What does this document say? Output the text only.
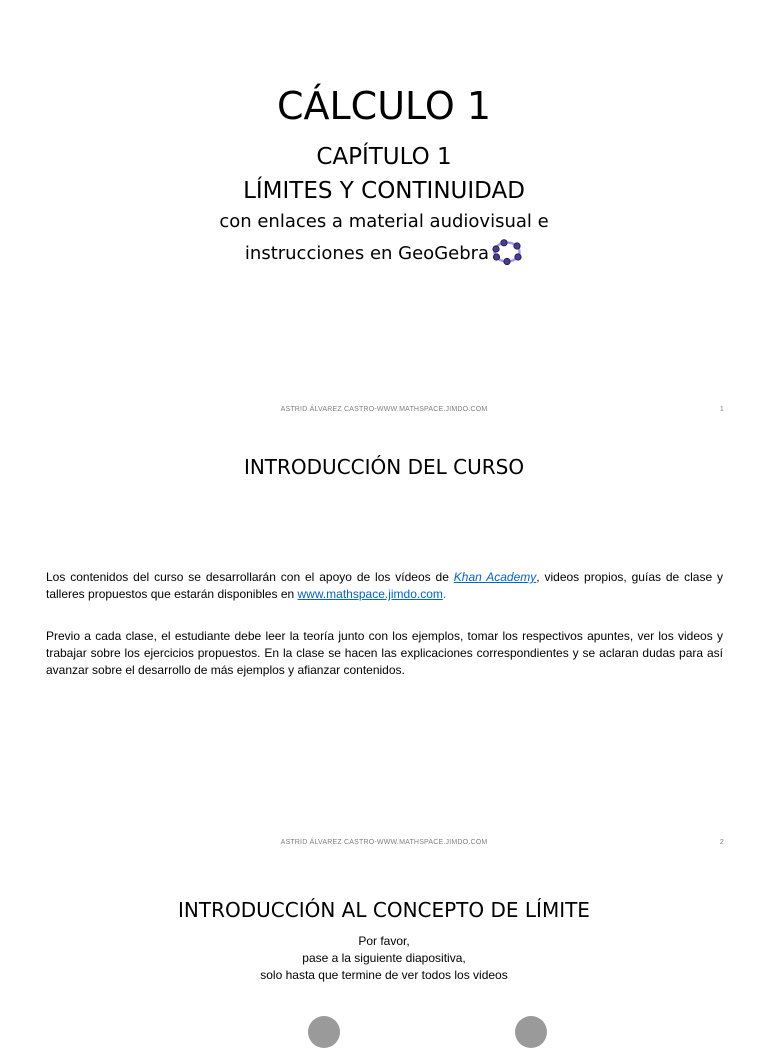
CÁLCULO 1
CAPÍTULO 1
LÍMITES Y CONTINUIDAD
con enlaces a material audiovisual e
instrucciones en GeoGebra
ASTRID ÁLVAREZ CASTRO-WWW.MATHSPACE.JIMDO.COM	1
INTRODUCCIÓN DEL CURSO
Los contenidos del curso se desarrollarán con el apoyo de los vídeos de Khan Academy, videos propios, guías de clase y talleres propuestos que estarán disponibles en www.mathspace.jimdo.com.
Previo a cada clase, el estudiante debe leer la teoría junto con los ejemplos, tomar los respectivos apuntes, ver los videos y trabajar sobre los ejercicios propuestos. En la clase se hacen las explicaciones correspondientes y se aclaran dudas para así avanzar sobre el desarrollo de más ejemplos y afianzar contenidos.
ASTRID ÁLVAREZ CASTRO-WWW.MATHSPACE.JIMDO.COM	2
INTRODUCCIÓN AL CONCEPTO DE LÍMITE
Por favor,
pase a la siguiente diapositiva,
solo hasta que termine de ver todos los videos
